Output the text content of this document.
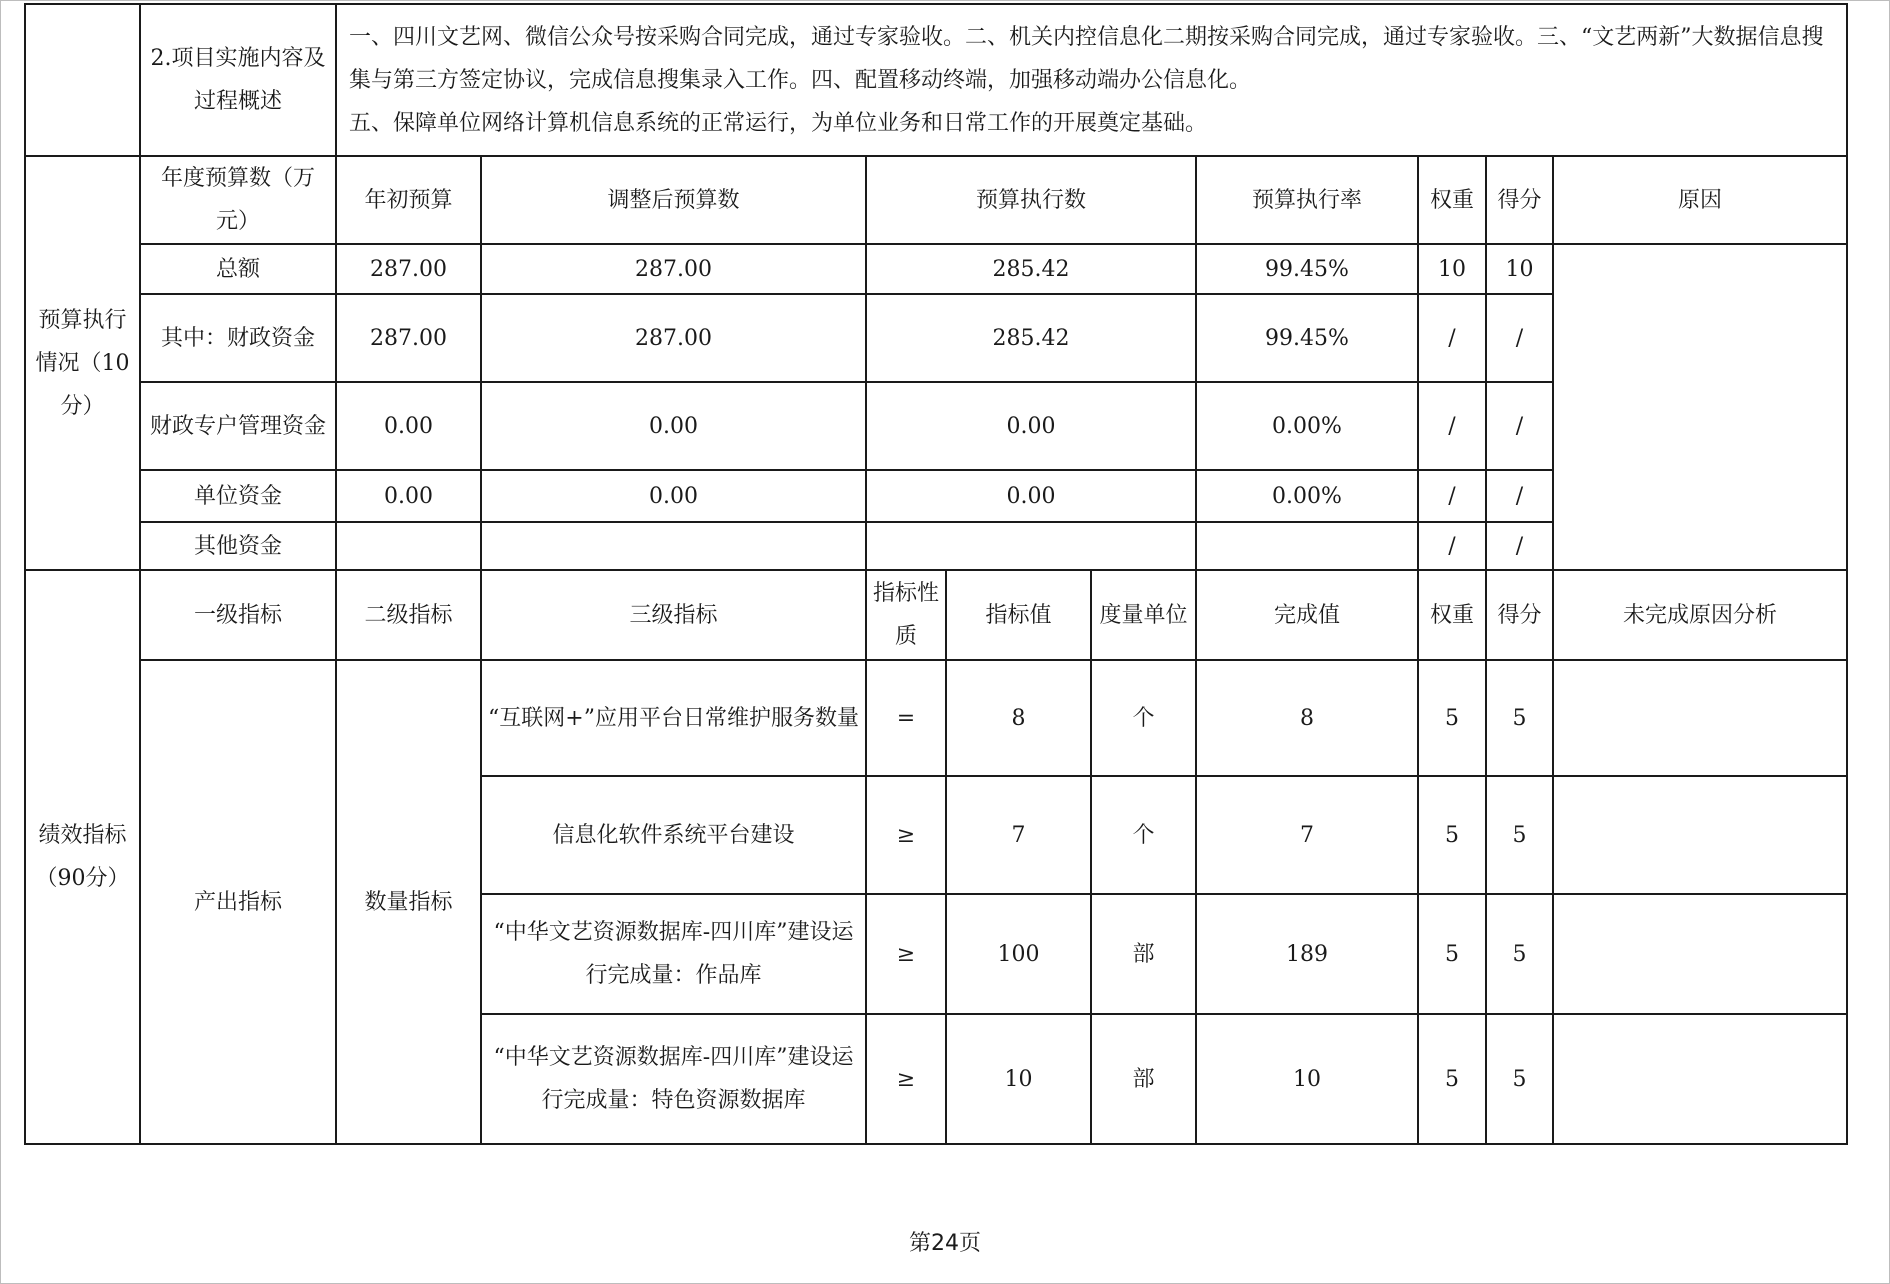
	2.项目实施内容及过程概述	一、四川文艺网、微信公众号按采购合同完成，通过专家验收。二、机关内控信息化二期按采购合同完成，通过专家验收。三、“文艺两新”大数据信息搜集与第三方签定协议，完成信息搜集录入工作。四、配置移动终端，加强移动端办公信息化。
五、保障单位网络计算机信息系统的正常运行，为单位业务和日常工作的开展奠定基础。								

预算执行情况（10分）	年度预算数（万元）	年初预算	调整后预算数	预算执行数			预算执行率	权重	得分	原因
	总额	287.00	287.00	285.42			99.45%	10	10	
	其中：财政资金	287.00	287.00	285.42			99.45%	/	/	
	财政专户管理资金	0.00	0.00	0.00			0.00%	/	/	
	单位资金	0.00	0.00	0.00			0.00%	/	/	
	其他资金							/	/	
绩效指标（90分）	一级指标	二级指标	三级指标	指标性质	指标值	度量单位	完成值	权重	得分	未完成原因分析
	产出指标	数量指标	“互联网+”应用平台日常维护服务数量	=	8	个	8	5	5	
			信息化软件系统平台建设	≥	7	个	7	5	5	
			“中华文艺资源数据库-四川库”建设运行完成量：作品库	≥	100	部	189	5	5	
			“中华文艺资源数据库-四川库”建设运行完成量：特色资源数据库	≥	10	部	10	5	5	
第24页
